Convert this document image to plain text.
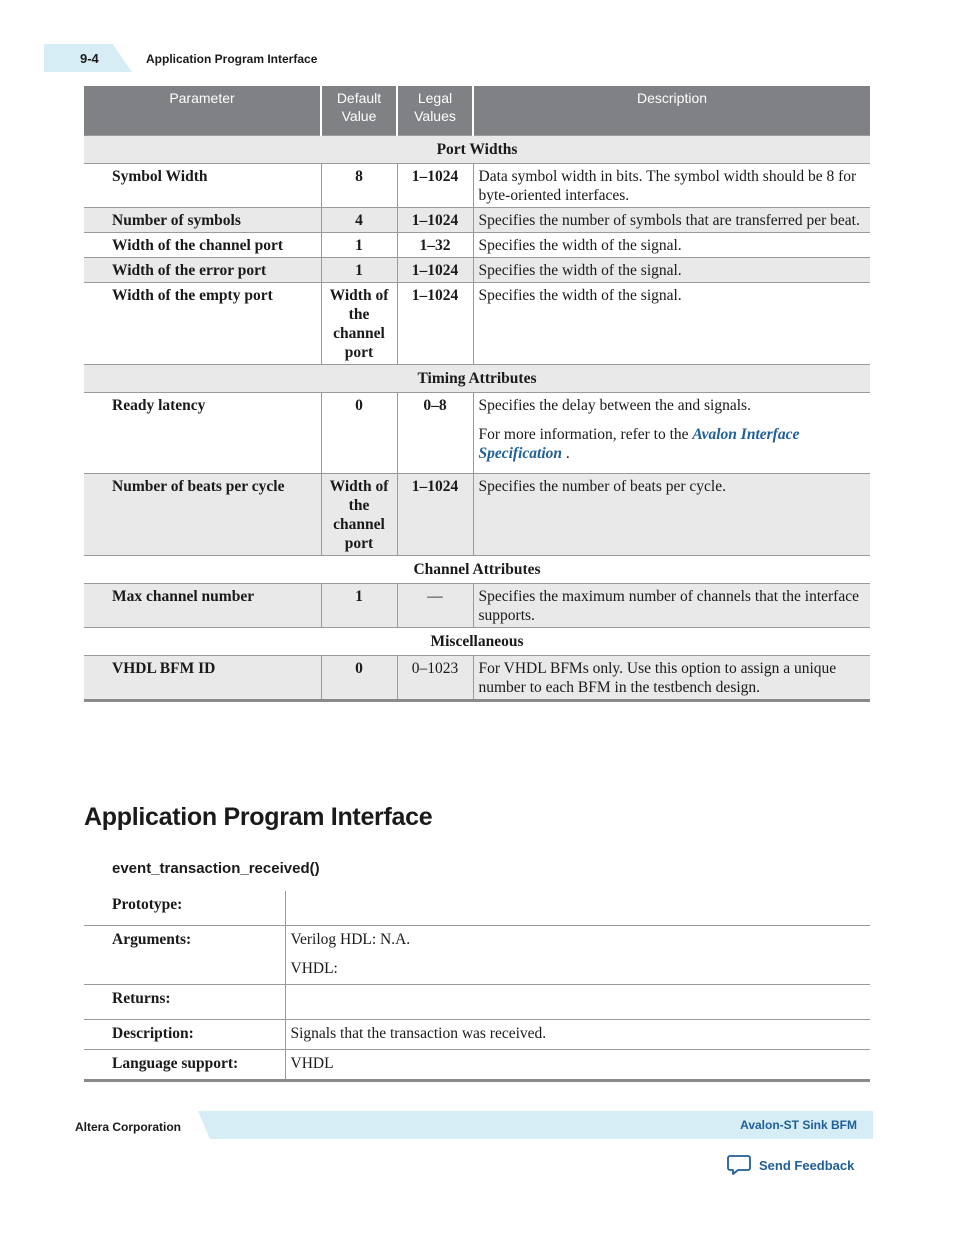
9-4	Application Program Interface
Parameter	Default Value	Legal Values	Description
Port Widths			
Symbol Width	8	1–1024	Data symbol width in bits. The symbol width should be 8 for byte-oriented interfaces.
Number of symbols	4	1–1024	Specifies the number of symbols that are transferred per beat.
Width of the channel port	1	1–32	Specifies the width of the signal.
Width of the error port	1	1–1024	Specifies the width of the signal.
Width of the empty port	Width of the channel port	1–1024	Specifies the width of the signal.
Timing Attributes			
Ready latency	0	0–8	Specifies the delay between the and signals.
For more information, refer to the Avalon Interface Specification .

Number of beats per cycle	Width of the channel port	1–1024	Specifies the number of beats per cycle.
Channel Attributes			
Max channel number	1	—	Specifies the maximum number of channels that the interface supports.
Miscellaneous			
VHDL BFM ID	0	0–1023	For VHDL BFMs only. Use this option to assign a unique number to each BFM in the testbench design.
Application Program Interface
event_transaction_received()
Prototype:	
Arguments:	Verilog HDL: N.A.
VHDL:

Returns:	
Description:	Signals that the transaction was received.
Language support:	VHDL
Altera Corporation	Avalon-ST Sink BFM
Send Feedback
